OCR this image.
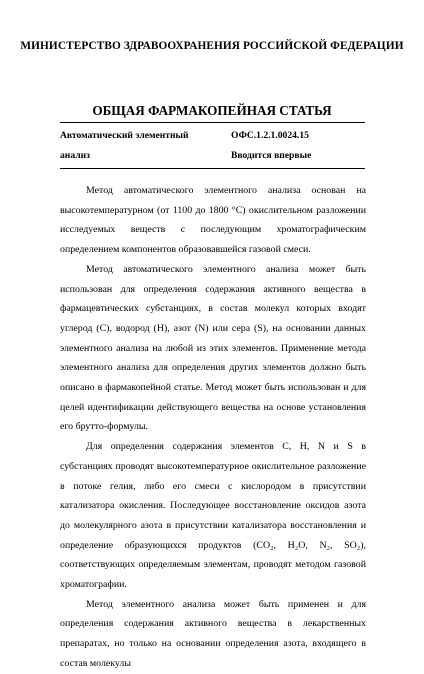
МИНИСТЕРСТВО ЗДРАВООХРАНЕНИЯ РОССИЙСКОЙ ФЕДЕРАЦИИ
ОБЩАЯ ФАРМАКОПЕЙНАЯ СТАТЬЯ
Автоматический элементный
анализ
ОФС.1.2.1.0024.15
Вводится впервые

Метод автоматического элементного анализа основан на высокотемпературном (от 1100 до 1800 °С) окислительном разложении исследуемых веществ с последующим хроматографическим определением компонентов образовавшейся газовой смеси.

Метод автоматического элементного анализа может быть использован для определения содержания активного вещества в фармацевтических субстанциях, в состав молекул которых входят углерод (С), водород (Н), азот (N) или сера (S), на основании данных элементного анализа на любой из этих элементов. Применение метода элементного анализа для определения других элементов должно быть описано в фармакопейной статье. Метод может быть использован и для целей идентификации действующего вещества на основе установления его брутто-формулы.

Для определения содержания элементов С, Н, N и S в субстанциях проводят высокотемпературное окислительное разложение в потоке гелия, либо его смеси с кислородом в присутствии катализатора окисления. Последующее восстановление оксидов азота до молекулярного азота в присутствии катализатора восстановления и определение образующихся продуктов (CO₂, H₂O, N₂, SO₂), соответствующих определяемым элементам, проводят методом газовой хроматографии.

Метод элементного анализа может быть применен и для определения содержания активного вещества в лекарственных препаратах, но только на основании определения азота, входящего в состав молекулы
